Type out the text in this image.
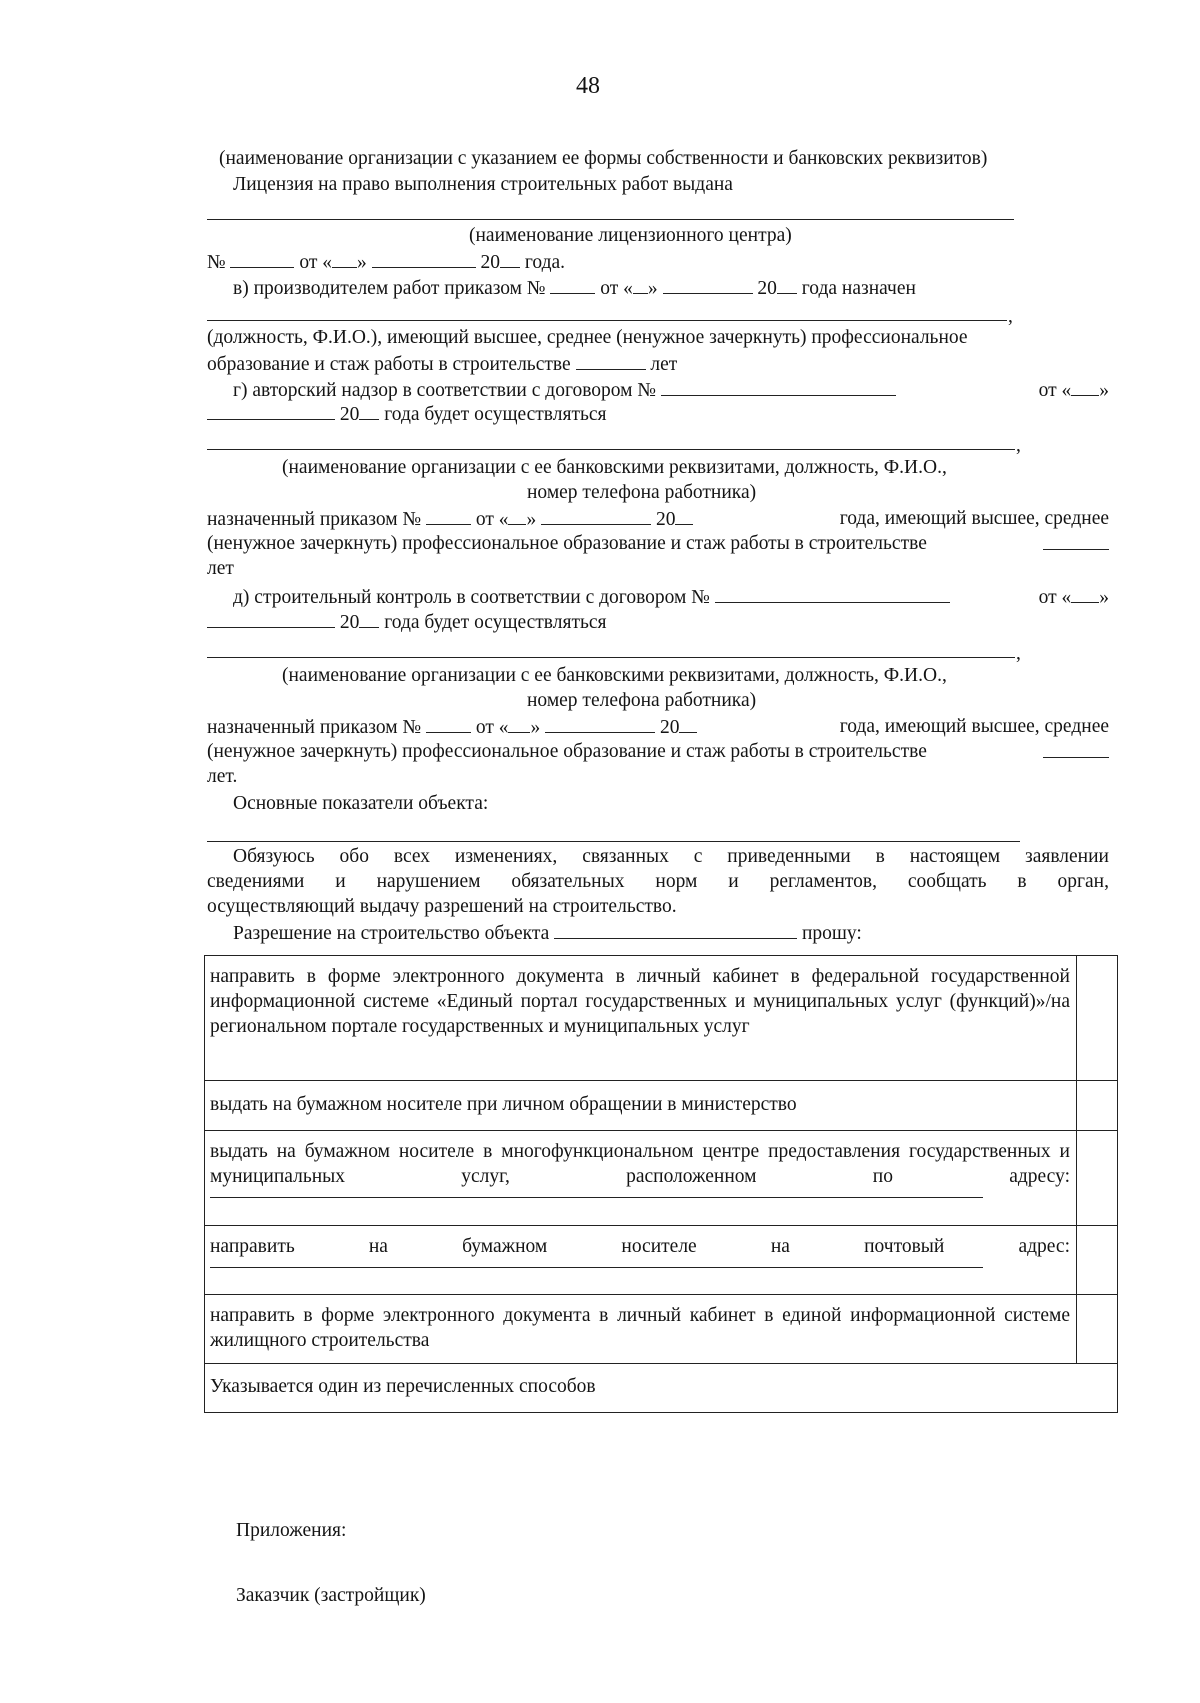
48
(наименование организации с указанием ее формы собственности и банковских реквизитов)
Лицензия на право выполнения строительных работ выдана
(наименование лицензионного центра)
№	от « »	20 года.
в) производителем работ приказом №	от « »	20 года назначен
,
(должность, Ф.И.О.), имеющий высшее, среднее (ненужное зачеркнуть) профессиональное
образование и стаж работы в строительстве	лет
г) авторский надзор в соответствии с договором №	от « »
20 года будет осуществляться
,
(наименование организации с ее банковскими реквизитами, должность, Ф.И.О.,
номер телефона работника)
назначенный приказом №	от « »	20	года, имеющий высшее, среднее
(ненужное зачеркнуть) профессиональное образование и стаж работы в строительстве
лет
д) строительный контроль в соответствии с договором №	от « »
20 года будет осуществляться
,
(наименование организации с ее банковскими реквизитами, должность, Ф.И.О.,
номер телефона работника)
назначенный приказом №	от « »	20	года, имеющий высшее, среднее
(ненужное зачеркнуть) профессиональное образование и стаж работы в строительстве
лет.
Основные показатели объекта:
Обязуюсь обо всех изменениях, связанных с приведенными в настоящем заявлении
сведениями и нарушением обязательных норм и регламентов, сообщать в орган,
осуществляющий выдачу разрешений на строительство.
Разрешение на строительство объекта	прошу:
направить в форме электронного документа в личный кабинет в федеральной государственной информационной системе «Единый портал государственных и муниципальных услуг (функций)»/на региональном портале государственных и муниципальных услуг	

выдать на бумажном носителе при личном обращении в министерство	

выдать на бумажном носителе в многофункциональном центре предоставления государственных и муниципальных услуг, расположенном по адресу:	

направить на бумажном носителе на почтовый адрес:	

направить в форме электронного документа в личный кабинет в единой информационной системе жилищного строительства	

Указывается один из перечисленных способов	
Приложения:
Заказчик (застройщик)
